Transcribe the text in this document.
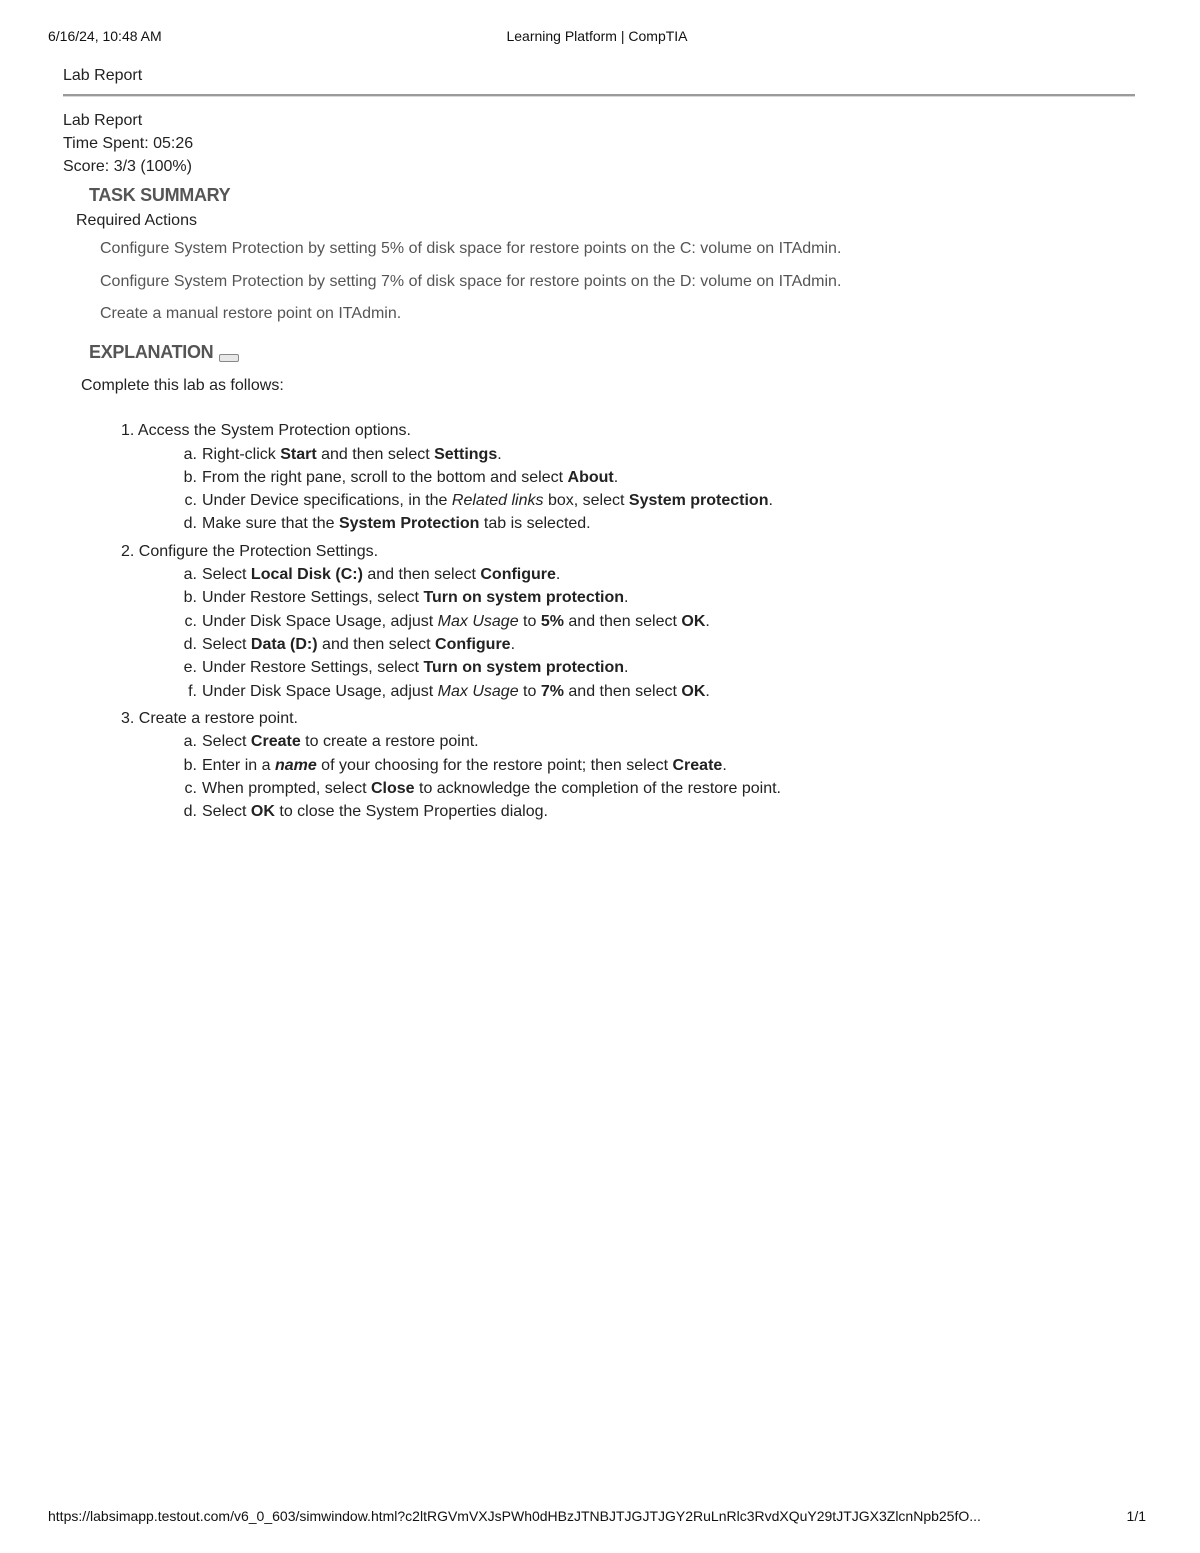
6/16/24, 10:48 AM	Learning Platform | CompTIA
Lab Report
Lab Report
Time Spent: 05:26
Score: 3/3 (100%)
TASK SUMMARY
Required Actions
Configure System Protection by setting 5% of disk space for restore points on the C: volume on ITAdmin.
Configure System Protection by setting 7% of disk space for restore points on the D: volume on ITAdmin.
Create a manual restore point on ITAdmin.
EXPLANATION
Complete this lab as follows:
1. Access the System Protection options.
a. Right-click Start and then select Settings.
b. From the right pane, scroll to the bottom and select About.
c. Under Device specifications, in the Related links box, select System protection.
d. Make sure that the System Protection tab is selected.
2. Configure the Protection Settings.
a. Select Local Disk (C:) and then select Configure.
b. Under Restore Settings, select Turn on system protection.
c. Under Disk Space Usage, adjust Max Usage to 5% and then select OK.
d. Select Data (D:) and then select Configure.
e. Under Restore Settings, select Turn on system protection.
f. Under Disk Space Usage, adjust Max Usage to 7% and then select OK.
3. Create a restore point.
a. Select Create to create a restore point.
b. Enter in a name of your choosing for the restore point; then select Create.
c. When prompted, select Close to acknowledge the completion of the restore point.
d. Select OK to close the System Properties dialog.
https://labsimapp.testout.com/v6_0_603/simwindow.html?c2ltRGVmVXJsPWh0dHBzJTNBJTJGJTJGY2RuLnRlc3RvdXQuY29tJTJGX3ZlcnNpb25fO...	1/1
